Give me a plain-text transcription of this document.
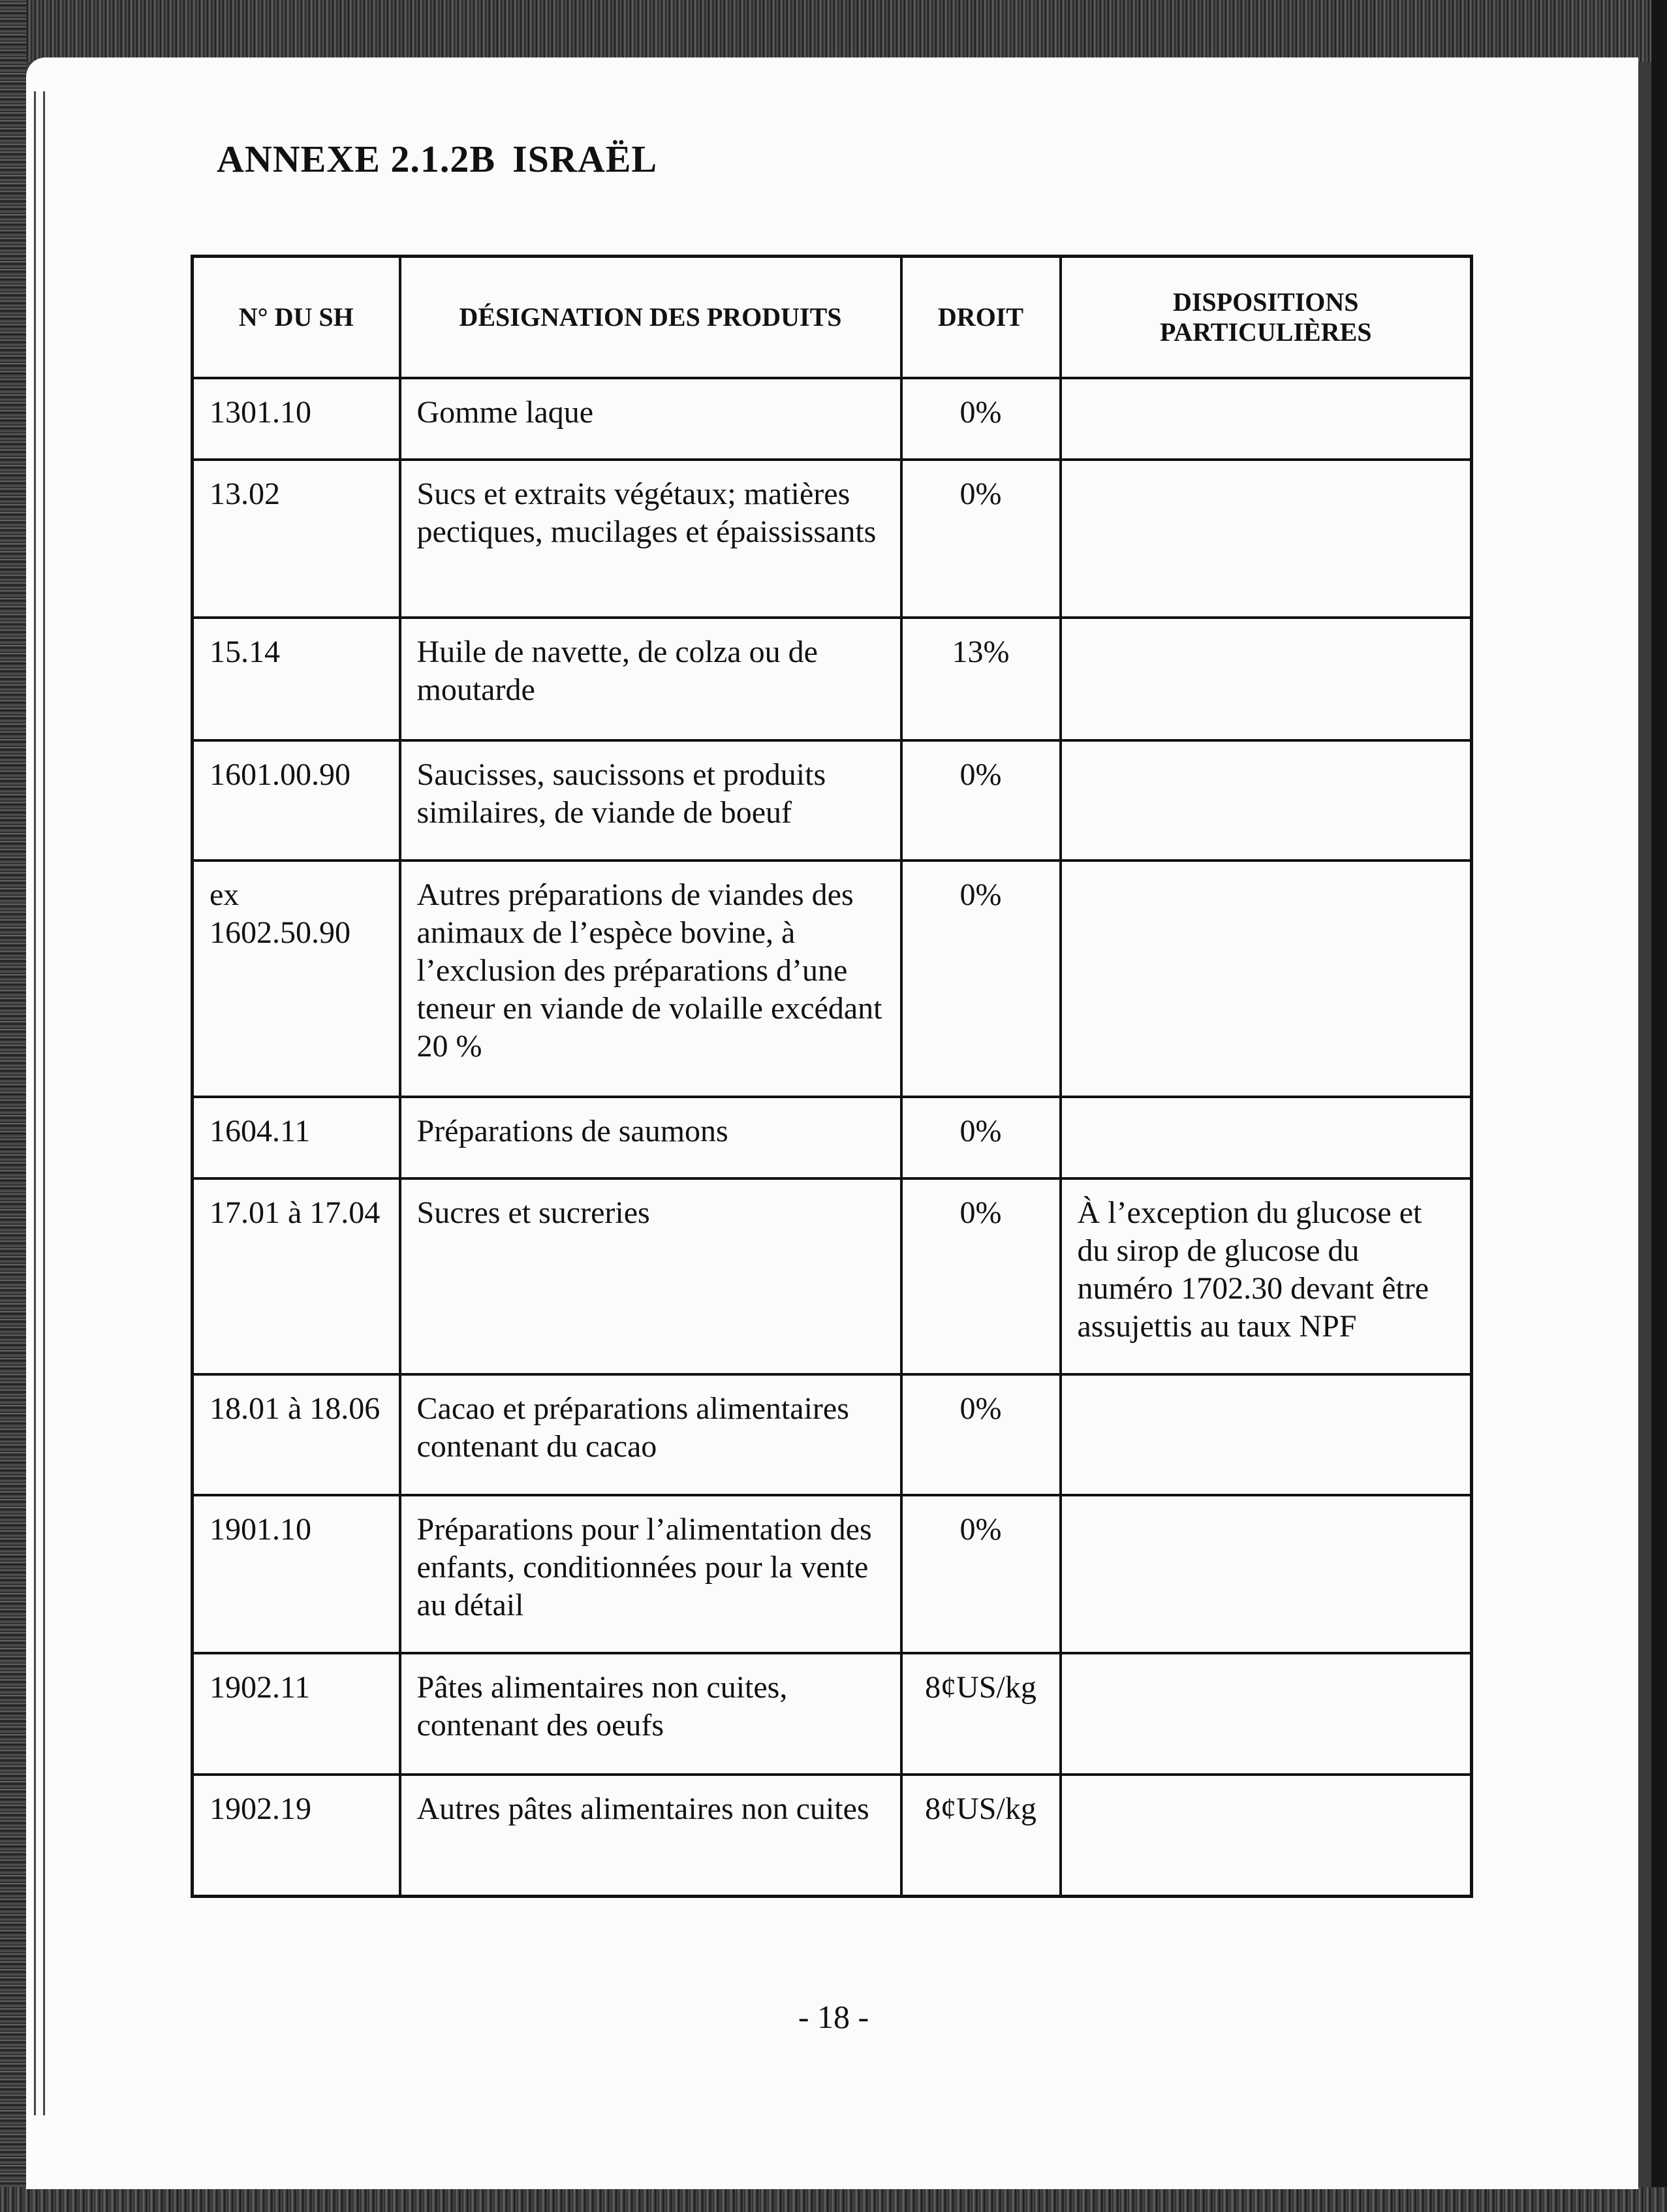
ANNEXE 2.1.2B ISRAËL
N° DU SH	DÉSIGNATION DES PRODUITS	DROIT	DISPOSITIONS PARTICULIÈRES
1301.10	Gomme laque	0%	
13.02	Sucs et extraits végétaux; matières pectiques, mucilages et épaississants	0%	
15.14	Huile de navette, de colza ou de moutarde	13%	
1601.00.90	Saucisses, saucissons et produits similaires, de viande de boeuf	0%	
ex 1602.50.90	Autres préparations de viandes des animaux de l’espèce bovine, à l’exclusion des préparations d’une teneur en viande de volaille excédant 20 %	0%	
1604.11	Préparations de saumons	0%	
17.01 à 17.04	Sucres et sucreries	0%	À l’exception du glucose et du sirop de glucose du numéro 1702.30 devant être assujettis au taux NPF
18.01 à 18.06	Cacao et préparations alimentaires contenant du cacao	0%	
1901.10	Préparations pour l’alimentation des enfants, conditionnées pour la vente au détail	0%	
1902.11	Pâtes alimentaires non cuites, contenant des oeufs	8¢US/kg	
1902.19	Autres pâtes alimentaires non cuites	8¢US/kg	
- 18 -
